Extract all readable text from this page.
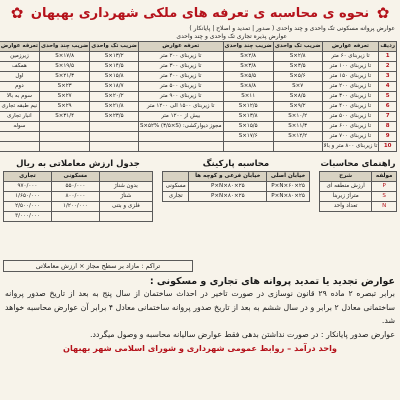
✿
نحوه ی محاسبه ی تعرفه های ملکی شهرداری بهبهان
✿
عوارض پروانه مسکونی تک واحدی و چند واحدی ( صدور | تمدید و اصلاح | پایانکار )
عوارض پذیره تجاری تک واحدی و چند واحدی
ردیف	تعرفه عوارض	ضریب تک واحدی	ضریب چند واحدی	تعرفه عوارض	ضریب تک واحدی	ضریب چند واحدی	تعرفه عوارض		
1	تا زیربنای ۶۰ متر	۲/۸×S	۲/۸×S	تا زیربنای ۲۰۰ متر	۱۳/۲×S	S×۱۷/۸	زیرزمین		
2	تا زیربنای ۱۰۰ متر	۳/۵×S	S×۳/۸	تا زیربنای ۳۰۰ متر	۱۴/۵×S	S×۱۹/۵	همکف		
3	تا زیربنای ۱۵۰ متر	۵/۶×S	S×۵/۵	تا زیربنای ۴۰۰ متر	۱۵/۸×S	S×۲۱/۳	اول		
4	تا زیربنای ۲۰۰ متر	S×۷	S×۸/۸	تا زیربنای ۵۰۰ متر	۱۸/۷×S	S×۲۳	دوم		
5	تا زیربنای ۳۰۰ متر	S×۸/۵	S×۱۱	تا زیربنای ۹۰۰ متر	۲۰/۲×S	S×۲۷	سوم به بالا		
6	تا زیربنای ۴۰۰ متر	S×۹/۲	S×۱۲/۵	تا زیربنای ۱۵۰۰ الی ۱۲۰۰ متر	۲۱/۸×S	S×۲۹	نیم طبقه تجاری		
7	تا زیربنای ۵۰۰ متر	S×۱۰/۲	S×۱۳/۸	بیش از ۱۲۰۰ متر	۲۳/۵×S	S×۳۱/۴	انبار تجاری		
8	تا زیربنای ۶۰۰ متر	S×۱۱/۳	S×۱۵/۵	مجوز دیوارکشی: S×۵۲% (۳/۵×S)			سوله		
9	تا زیربنای ۷۰۰ متر	S×۱۲/۲	S×۱۷/۶						
10	تا زیربنای ۸۰۰ متر و بالا								
راهنمای محاسبات
مولفه	شرح
P	ارزش منطقه ای
S	متراژ زیربنا
N	تعداد واحد
محاسبه پارکینگ
خیابان اصلی	خیابان فرعی و کوچه ها	
۲۵×۶۰×P×N	۲۵×۸۰×P×N	مسکونی
۲۵×۸۰×P×N	۲۵×۸۰×P×N	تجاری
جدول ارزش معاملاتی به ریال
	مسکونی	تجاری
بدون شناژ	۵۵۰/۰۰۰	۹۷۰/۰۰۰
شناژ	۸۰۰/۰۰۰	۱/۶۵۰/۰۰۰
فلزی و بتنی	۱/۲۰۰/۰۰۰	۲/۵۰۰/۰۰۰
		۳/۰۰۰/۰۰۰
تراکم : مازاد بر سطح مجاز × ارزش معاملاتی
عوارض تجدید یا تمدید پروانه های تجاری و مسکونی :

برابر تبصره ۲ ماده ۲۹ قانون نوسازی در صورت تاخیر در احداث ساختمان از سال پنج به بعد از تاریخ صدور پروانه ساختمانی معادل ۲ برابر و در سال ششم به بعد از تاریخ صدور پروانه ساختمانی معادل ۴ برابر آن عوارض محاسبه خواهد شد.

عوارض صدور پایانکار : در صورت نداشتن بدهی فقط عوارض سالیانه محاسبه و وصول میگردد.

واحد درآمد – روابط عمومی شهرداری و شورای اسلامی شهر بهبهان
